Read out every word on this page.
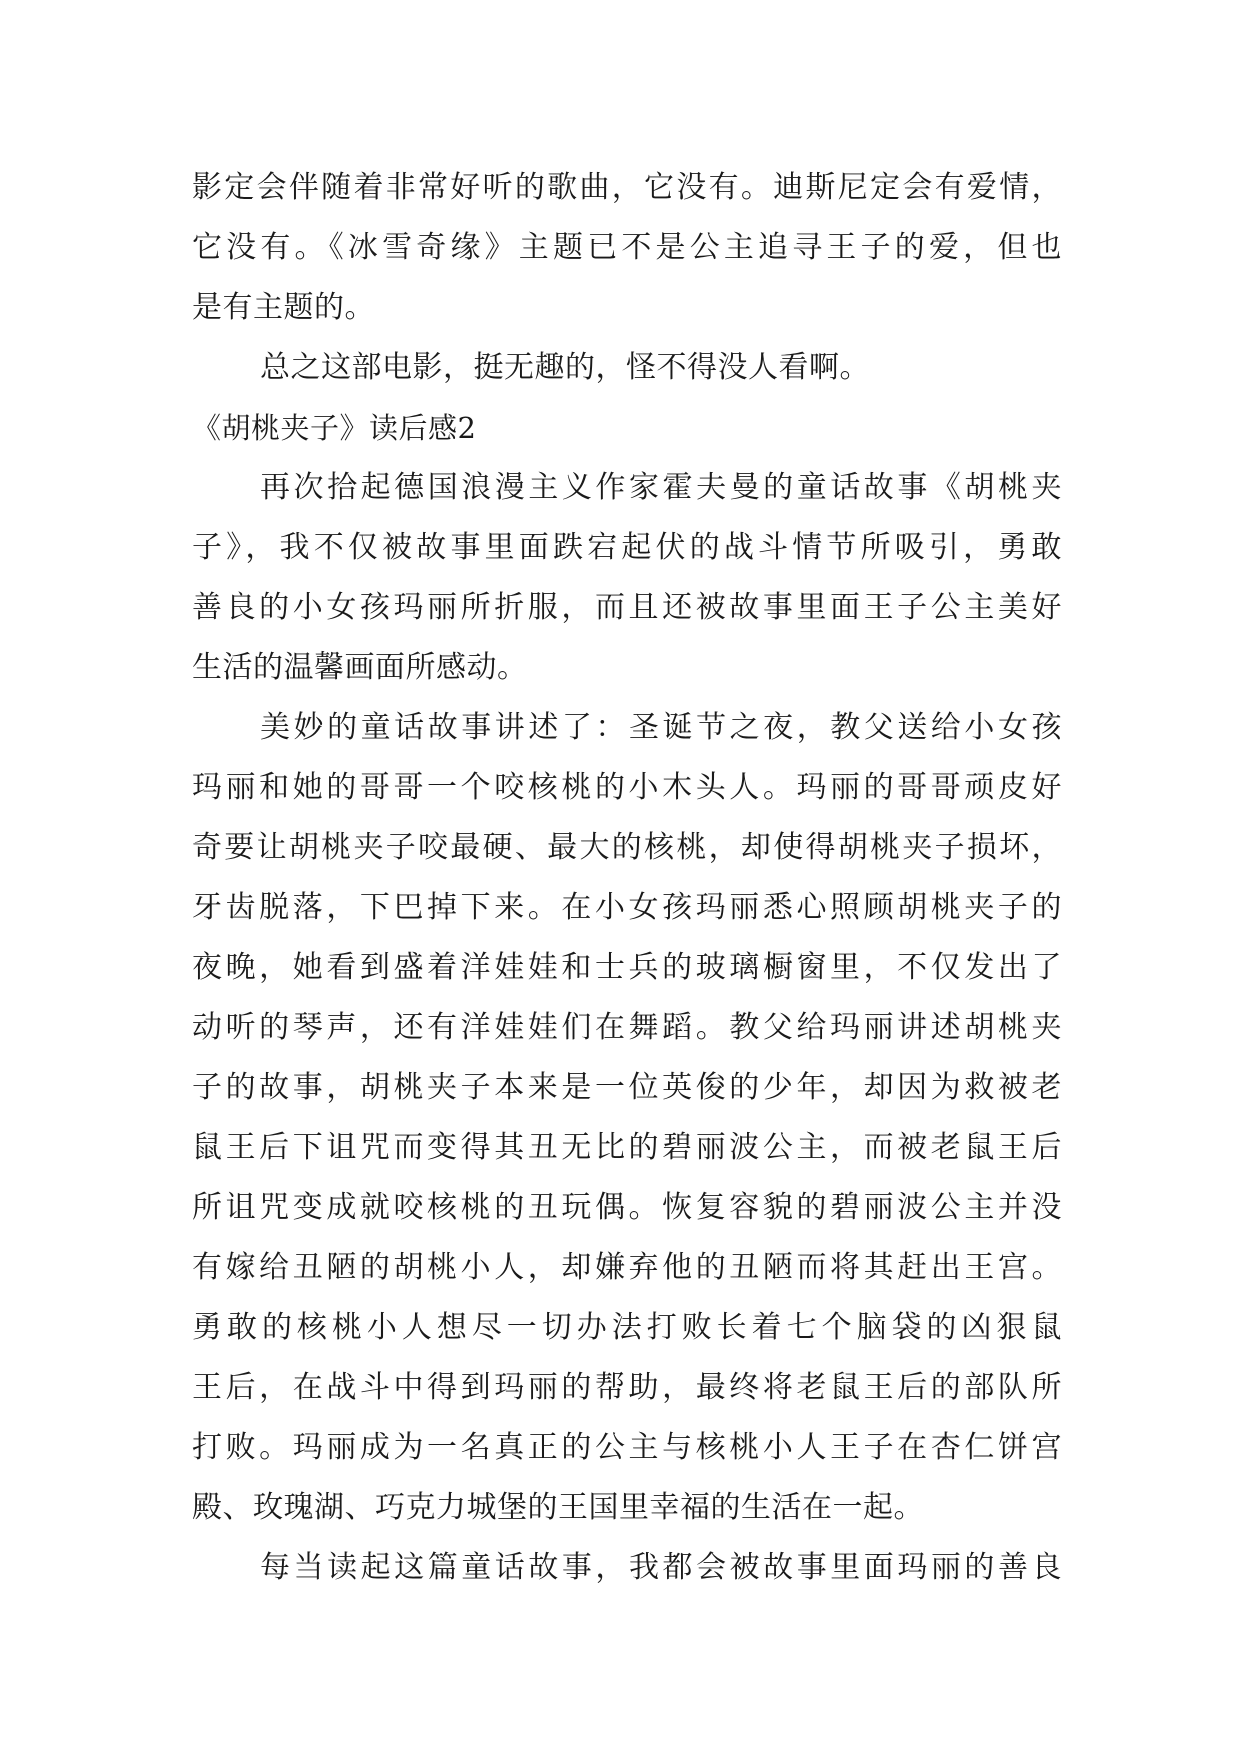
影定会伴随着非常好听的歌曲，它没有。迪斯尼定会有爱情，
它没有。《冰雪奇缘》主题已不是公主追寻王子的爱，但也
是有主题的。
总之这部电影，挺无趣的，怪不得没人看啊。
《胡桃夹子》读后感2
再次拾起德国浪漫主义作家霍夫曼的童话故事《胡桃夹
子》，我不仅被故事里面跌宕起伏的战斗情节所吸引，勇敢
善良的小女孩玛丽所折服，而且还被故事里面王子公主美好
生活的温馨画面所感动。
美妙的童话故事讲述了：圣诞节之夜，教父送给小女孩
玛丽和她的哥哥一个咬核桃的小木头人。玛丽的哥哥顽皮好
奇要让胡桃夹子咬最硬、最大的核桃，却使得胡桃夹子损坏，
牙齿脱落，下巴掉下来。在小女孩玛丽悉心照顾胡桃夹子的
夜晚，她看到盛着洋娃娃和士兵的玻璃橱窗里，不仅发出了
动听的琴声，还有洋娃娃们在舞蹈。教父给玛丽讲述胡桃夹
子的故事，胡桃夹子本来是一位英俊的少年，却因为救被老
鼠王后下诅咒而变得其丑无比的碧丽波公主，而被老鼠王后
所诅咒变成就咬核桃的丑玩偶。恢复容貌的碧丽波公主并没
有嫁给丑陋的胡桃小人，却嫌弃他的丑陋而将其赶出王宫。
勇敢的核桃小人想尽一切办法打败长着七个脑袋的凶狠鼠
王后，在战斗中得到玛丽的帮助，最终将老鼠王后的部队所
打败。玛丽成为一名真正的公主与核桃小人王子在杏仁饼宫
殿、玫瑰湖、巧克力城堡的王国里幸福的生活在一起。
每当读起这篇童话故事，我都会被故事里面玛丽的善良
